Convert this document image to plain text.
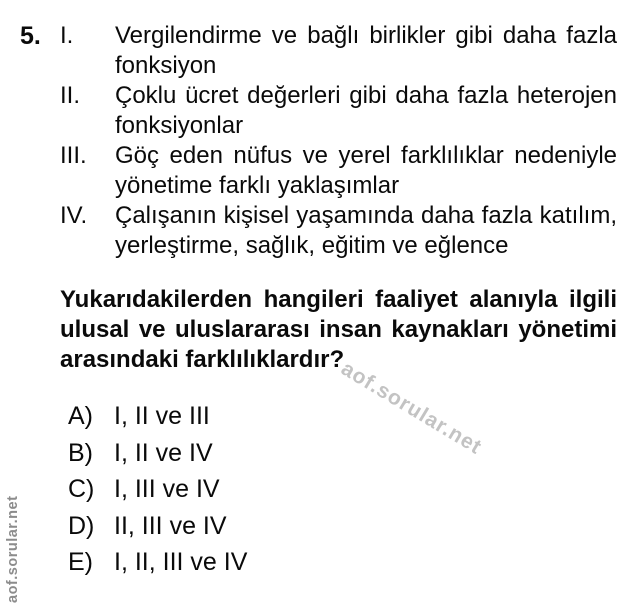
aof.sorular.net
aof.sorular.net
5. I.	Vergilendirme ve bağlı birlikler gibi daha fazla fonksiyon
II.	Çoklu ücret değerleri gibi daha fazla heterojen fonksiyonlar
III.	Göç eden nüfus ve yerel farklılıklar nedeniyle yönetime farklı yaklaşımlar
IV.	Çalışanın kişisel yaşamında daha fazla katılım, yerleştirme, sağlık, eğitim ve eğlence
Yukarıdakilerden hangileri faaliyet alanıyla ilgili ulusal ve uluslararası insan kaynakları yönetimi arasındaki farklılıklardır?
A) I, II ve III
B) I, II ve IV
C) I, III ve IV
D) II, III ve IV
E) I, II, III ve IV
